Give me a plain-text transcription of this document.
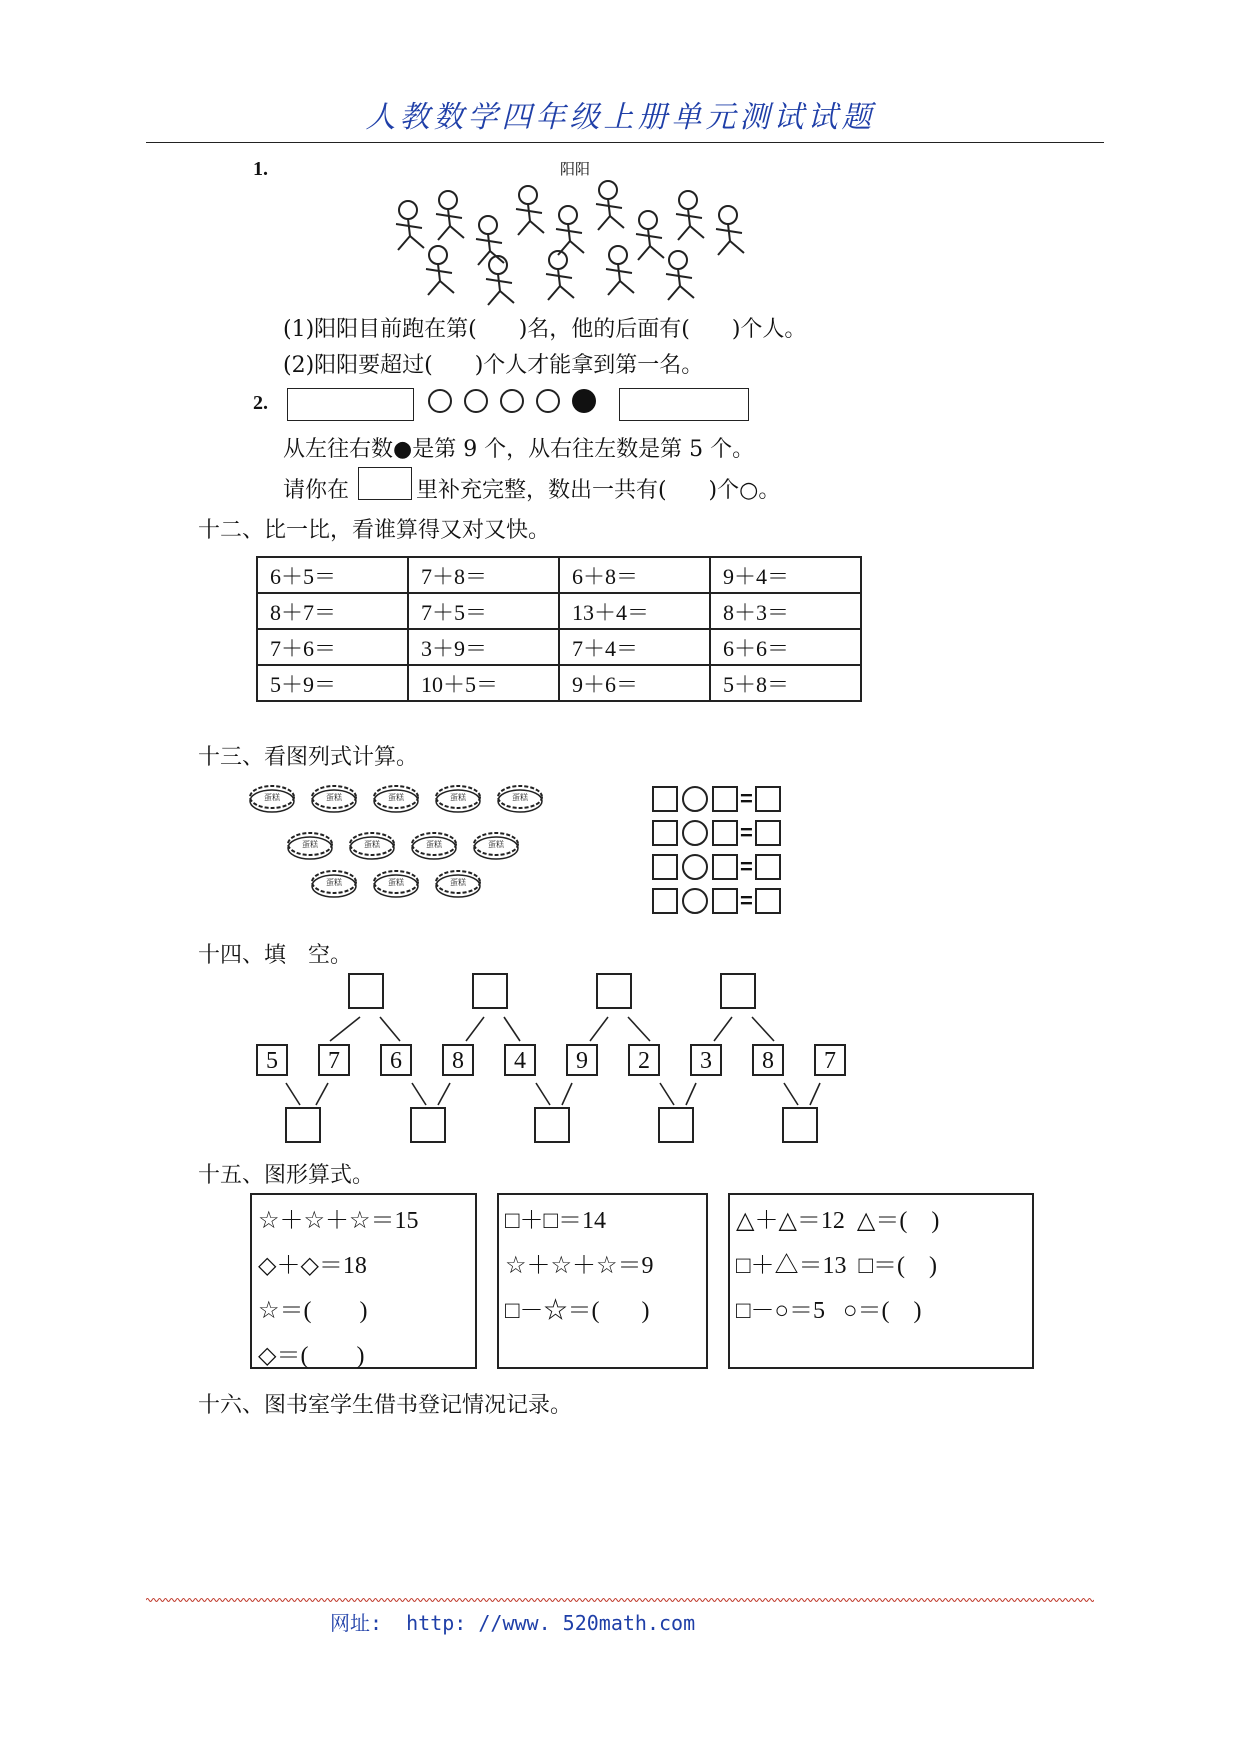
人教数学四年级上册单元测试试题
1.	阳阳
(1)阳阳目前跑在第(      )名，他的后面有(      )个人。
(2)阳阳要超过(      )个人才能拿到第一名。
2.
从左往右数●是第 9 个，从右往左数是第 5 个。
请你在	里补充完整，数出一共有(      )个○。
十二、比一比，看谁算得又对又快。
6＋5＝	7＋8＝	6＋8＝	9＋4＝
8＋7＝	7＋5＝	13＋4＝	8＋3＝
7＋6＝	3＋9＝	7＋4＝	6＋6＝
5＋9＝	10＋5＝	9＋6＝	5＋8＝
十三、看图列式计算。
蛋糕	蛋糕	蛋糕	蛋糕	蛋糕
蛋糕	蛋糕	蛋糕	蛋糕
蛋糕	蛋糕	蛋糕
=
=
=
=
十四、填　空。
5	7	6	8	4	9	2	3	8	7
十五、图形算式。
☆＋☆＋☆＝15
◇＋◇＝18
☆＝(        )
◇＝(        )
□＋□＝14
☆＋☆＋☆＝9
□－☆＝(       )
△＋△＝12  △＝(    )
□＋△＝13  □＝(    )
□－○＝5   ○＝(    )
十六、图书室学生借书登记情况记录。
网址:  http: //www. 520math.com
